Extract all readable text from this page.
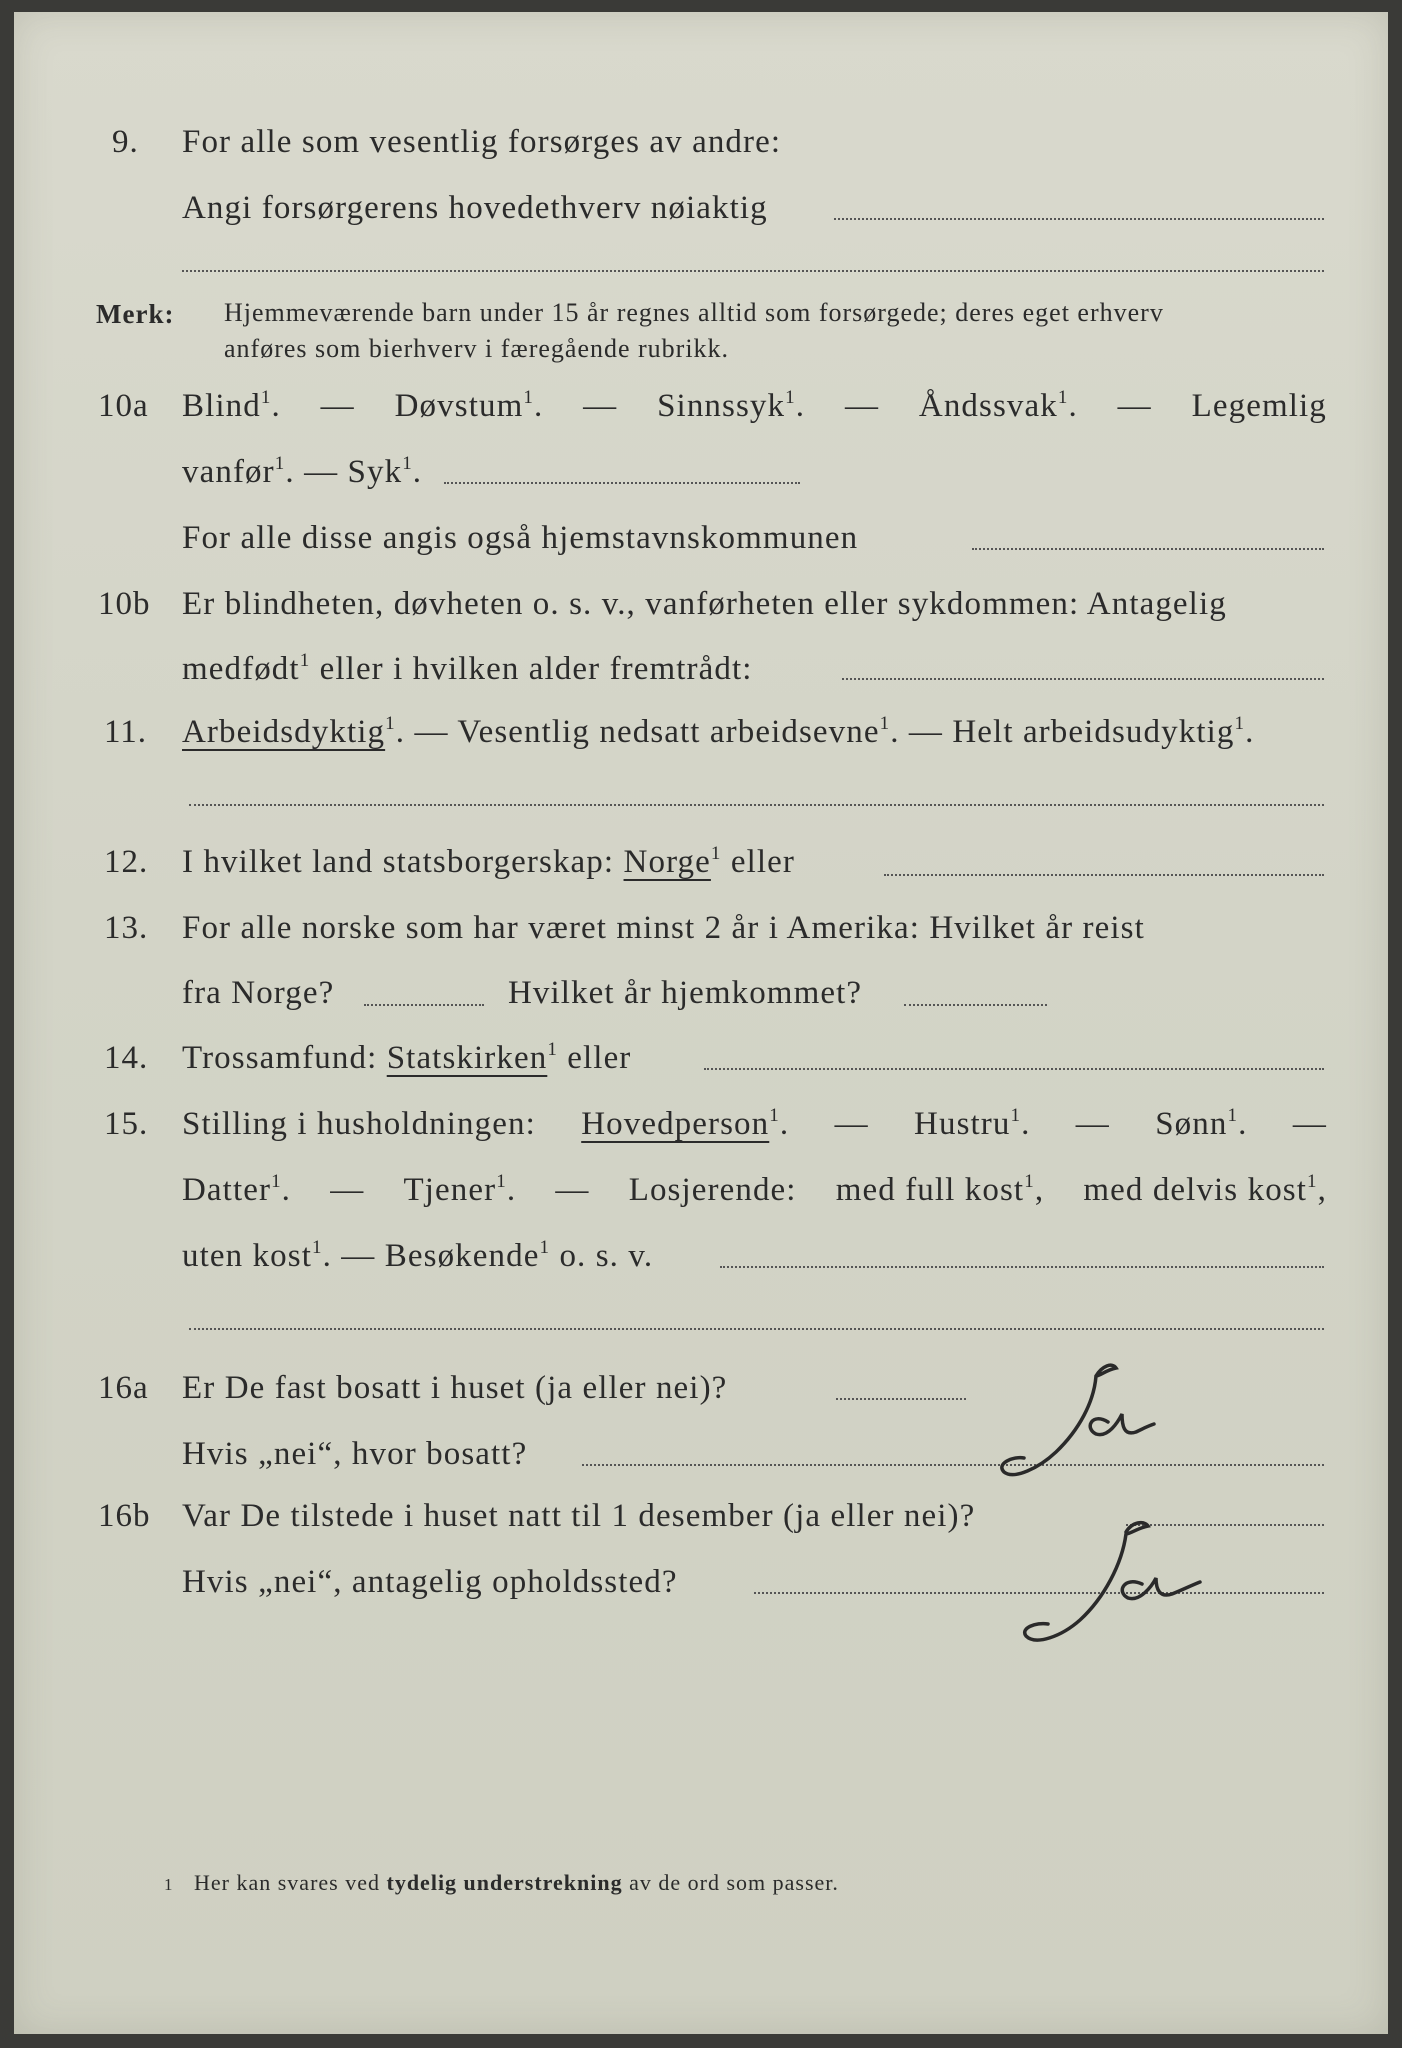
9. For alle som vesentlig forsørges av andre:
Angi forsørgerens hovedethverv nøiaktig
Merk: Hjemmeværende barn under 15 år regnes alltid som forsørgede; deres eget erhverv
anføres som bierhverv i færegående rubrikk.
10a Blind$^1$. — Døvstum$^1$. — Sinnssyk$^1$. — Åndssvak$^1$. — Legemlig
vanfør$^1$. — Syk$^1$.
For alle disse angis også hjemstavnskommunen
10b Er blindheten, døvheten o. s. v., vanførheten eller sykdommen: Antagelig
medfødt$^1$ eller i hvilken alder fremtrådt:
11. Arbeidsdyktig$^1$. — Vesentlig nedsatt arbeidsevne$^1$. — Helt arbeidsudyktig$^1$.
12. I hvilket land statsborgerskap: Norge$^1$ eller
13. For alle norske som har været minst 2 år i Amerika: Hvilket år reist
fra Norge?	Hvilket år hjemkommet?
14. Trossamfund: Statskirken$^1$ eller
15. Stilling i husholdningen: Hovedperson$^1$. — Hustru$^1$. — Sønn$^1$. —
Datter$^1$. — Tjener$^1$. — Losjerende: med full kost$^1$, med delvis kost$^1$,
uten kost$^1$. — Besøkende$^1$ o. s. v.
16a Er De fast bosatt i huset (ja eller nei)?
Hvis „nei“, hvor bosatt?
16b Var De tilstede i huset natt til 1 desember (ja eller nei)?
Hvis „nei“, antagelig opholdssted?
1 Her kan svares ved tydelig understrekning av de ord som passer.
